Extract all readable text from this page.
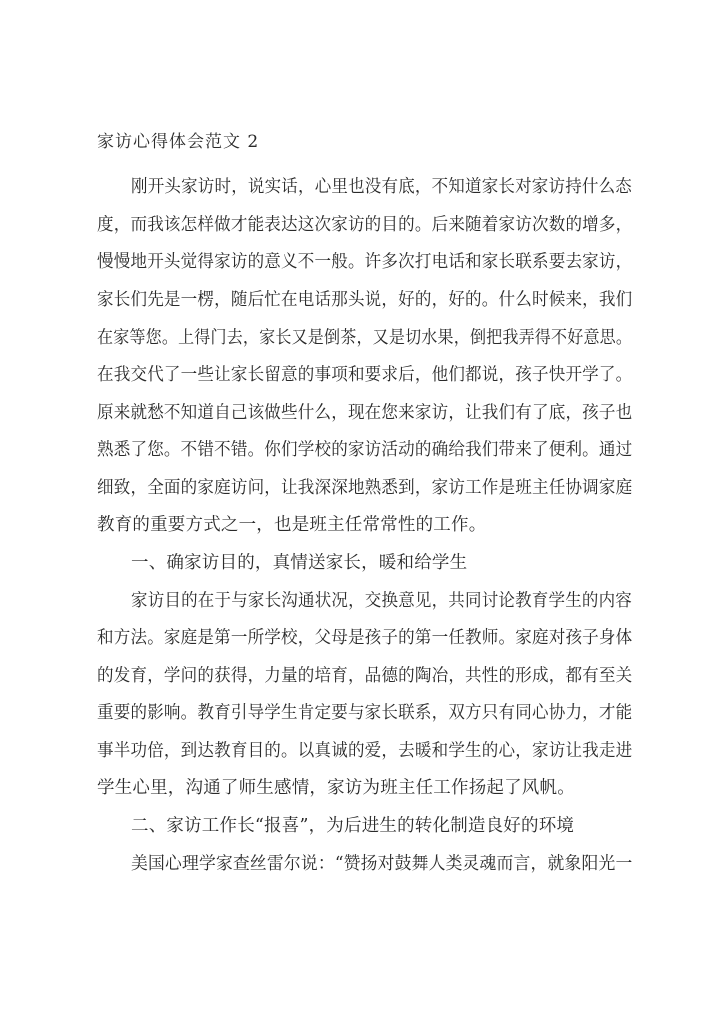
家访心得体会范文 2
刚开头家访时，说实话，心里也没有底，不知道家长对家访持什么态
度，而我该怎样做才能表达这次家访的目的。后来随着家访次数的增多，
慢慢地开头觉得家访的意义不一般。许多次打电话和家长联系要去家访，
家长们先是一楞，随后忙在电话那头说，好的，好的。什么时候来，我们
在家等您。上得门去，家长又是倒茶，又是切水果，倒把我弄得不好意思。
在我交代了一些让家长留意的事项和要求后，他们都说，孩子快开学了。
原来就愁不知道自己该做些什么，现在您来家访，让我们有了底，孩子也
熟悉了您。不错不错。你们学校的家访活动的确给我们带来了便利。通过
细致，全面的家庭访问，让我深深地熟悉到，家访工作是班主任协调家庭
教育的重要方式之一，也是班主任常常性的工作。
一、确家访目的，真情送家长，暖和给学生
家访目的在于与家长沟通状况，交换意见，共同讨论教育学生的内容
和方法。家庭是第一所学校，父母是孩子的第一任教师。家庭对孩子身体
的发育，学问的获得，力量的培育，品德的陶冶，共性的形成，都有至关
重要的影响。教育引导学生肯定要与家长联系，双方只有同心协力，才能
事半功倍，到达教育目的。以真诚的爱，去暖和学生的心，家访让我走进
学生心里，沟通了师生感情，家访为班主任工作扬起了风帆。
二、家访工作长“报喜”，为后进生的转化制造良好的环境
美国心理学家查丝雷尔说：“赞扬对鼓舞人类灵魂而言，就象阳光一
